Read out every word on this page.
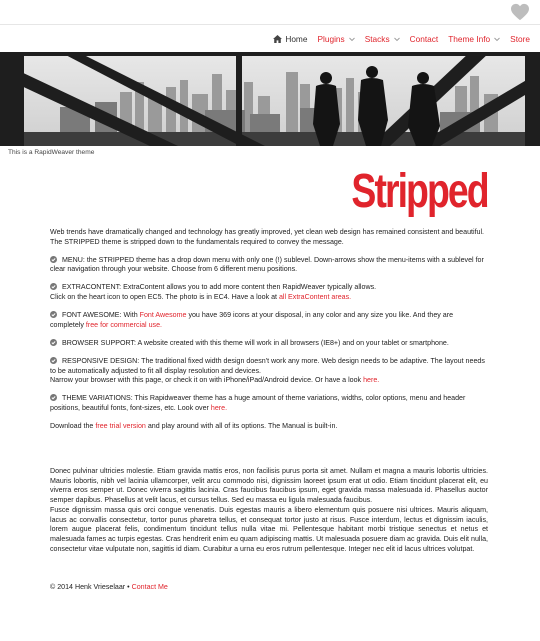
Home Plugins Stacks Contact Theme Info Store
This is a RapidWeaver theme
Stripped

Web trends have dramatically changed and technology has greatly improved, yet clean web design has remained consistent and beautiful. The STRIPPED theme is stripped down to the fundamentals required to convey the message.

MENU: the STRIPPED theme has a drop down menu with only one (!) sublevel. Down-arrows show the menu-items with a sublevel for clear navigation through your website. Choose from 6 different menu positions.

EXTRACONTENT: ExtraContent allows you to add more content then RapidWeaver typically allows.
Click on the heart icon to open EC5. The photo is in EC4. Have a look at all ExtraContent areas.

FONT AWESOME: With Font Awesome you have 369 icons at your disposal, in any color and any size you like. And they are completely free for commercial use.

BROWSER SUPPORT: A website created with this theme will work in all browsers (IE8+) and on your tablet or smartphone.

RESPONSIVE DESIGN: The traditional fixed width design doesn't work any more. Web design needs to be adaptive. The layout needs to be automatically adjusted to fit all display resolution and devices.
Narrow your browser with this page, or check it on with iPhone/iPad/Android device. Or have a look here.

THEME VARIATIONS: This Rapidweaver theme has a huge amount of theme variations, widths, color options, menu and header positions, beautiful fonts, font-sizes, etc. Look over here.

Download the free trial version and play around with all of its options. The Manual is built-in.

Donec pulvinar ultricies molestie. Etiam gravida mattis eros, non facilisis purus porta sit amet. Nullam et magna a mauris lobortis ultricies. Mauris lobortis, nibh vel lacinia ullamcorper, velit arcu commodo nisi, dignissim laoreet ipsum erat ut odio. Etiam tincidunt placerat elit, eu viverra eros semper ut. Donec viverra sagittis lacinia. Cras faucibus faucibus ipsum, eget gravida massa malesuada id. Phasellus auctor semper dapibus. Phasellus at velit lacus, et cursus tellus. Sed eu massa eu ligula malesuada faucibus.

Fusce dignissim massa quis orci congue venenatis. Duis egestas mauris a libero elementum quis posuere nisi ultrices. Mauris aliquam, lacus ac convallis consectetur, tortor purus pharetra tellus, et consequat tortor justo at risus. Fusce interdum, lectus et dignissim iaculis, lorem augue placerat felis, condimentum tincidunt tellus nulla vitae mi. Pellentesque habitant morbi tristique senectus et netus et malesuada fames ac turpis egestas. Cras hendrerit enim eu quam adipiscing mattis. Ut malesuada posuere diam ac gravida. Duis elit nulla, consectetur vitae vulputate non, sagittis id diam. Curabitur a urna eu eros rutrum pellentesque. Integer nec elit id lacus ultrices volutpat.

© 2014 Henk Vrieselaar • Contact Me
